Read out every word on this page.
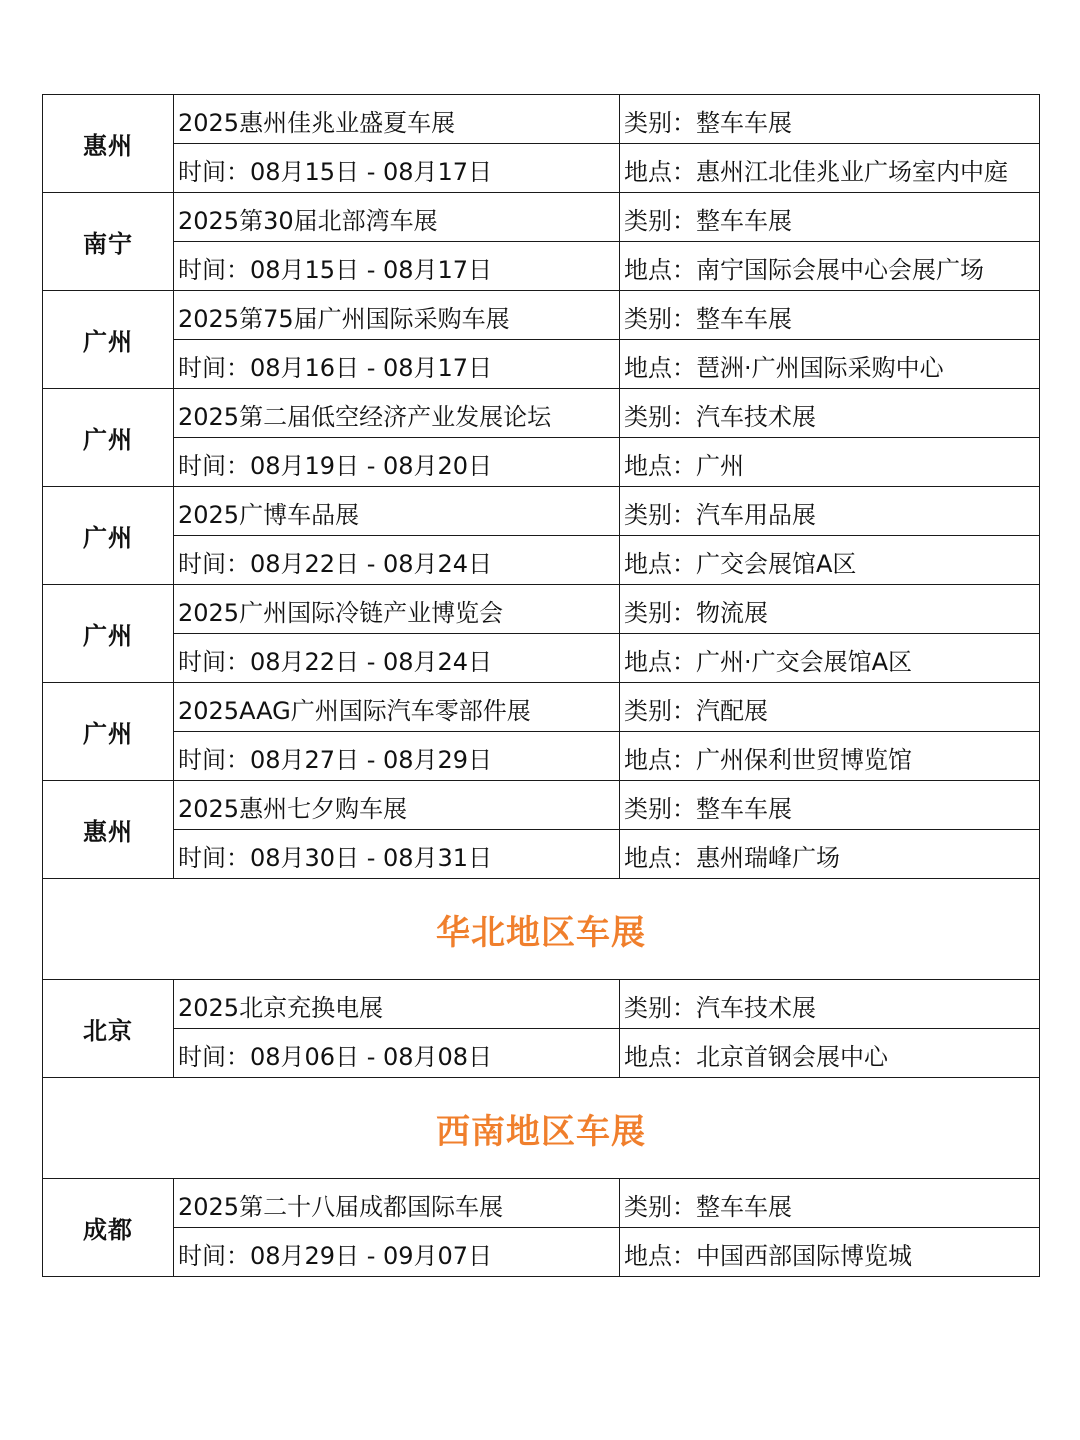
惠州	2025惠州佳兆业盛夏车展	类别：整车车展
	时间：08月15日 - 08月17日	地点：惠州江北佳兆业广场室内中庭
南宁	2025第30届北部湾车展	类别：整车车展
	时间：08月15日 - 08月17日	地点：南宁国际会展中心会展广场
广州	2025第75届广州国际采购车展	类别：整车车展
	时间：08月16日 - 08月17日	地点：琶洲·广州国际采购中心
广州	2025第二届低空经济产业发展论坛	类别：汽车技术展
	时间：08月19日 - 08月20日	地点：广州
广州	2025广博车品展	类别：汽车用品展
	时间：08月22日 - 08月24日	地点：广交会展馆A区
广州	2025广州国际冷链产业博览会	类别：物流展
	时间：08月22日 - 08月24日	地点：广州·广交会展馆A区
广州	2025AAG广州国际汽车零部件展	类别：汽配展
	时间：08月27日 - 08月29日	地点：广州保利世贸博览馆
惠州	2025惠州七夕购车展	类别：整车车展
	时间：08月30日 - 08月31日	地点：惠州瑞峰广场
华北地区车展		
北京	2025北京充换电展	类别：汽车技术展
	时间：08月06日 - 08月08日	地点：北京首钢会展中心
西南地区车展		
成都	2025第二十八届成都国际车展	类别：整车车展
	时间：08月29日 - 09月07日	地点：中国西部国际博览城
